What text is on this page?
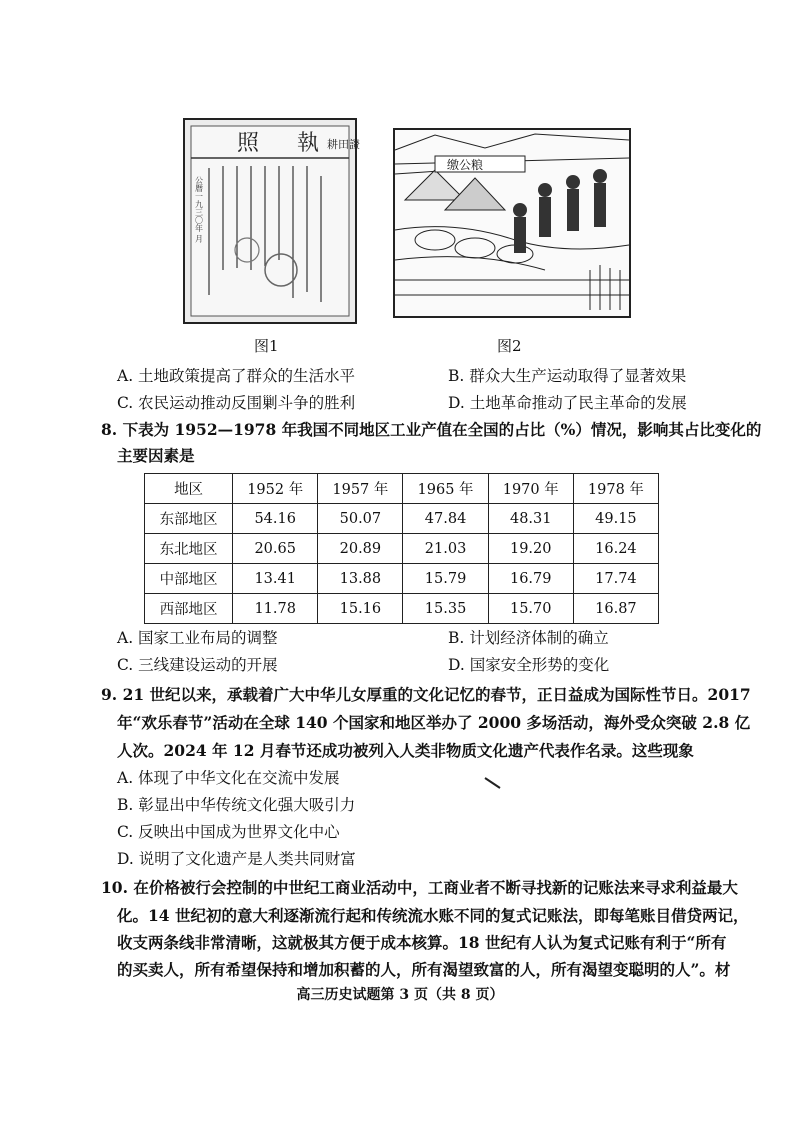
照 執 耕田證
公曆一九三〇年 月
缴公粮
图1	图2
A. 土地政策提高了群众的生活水平	B. 群众大生产运动取得了显著效果
C. 农民运动推动反围剿斗争的胜利	D. 土地革命推动了民主革命的发展
8. 下表为 1952—1978 年我国不同地区工业产值在全国的占比（%）情况，影响其占比变化的
主要因素是
地区	1952 年	1957 年	1965 年	1970 年	1978 年
东部地区	54.16	50.07	47.84	48.31	49.15
东北地区	20.65	20.89	21.03	19.20	16.24
中部地区	13.41	13.88	15.79	16.79	17.74
西部地区	11.78	15.16	15.35	15.70	16.87
A. 国家工业布局的调整	B. 计划经济体制的确立
C. 三线建设运动的开展	D. 国家安全形势的变化
9. 21 世纪以来，承载着广大中华儿女厚重的文化记忆的春节，正日益成为国际性节日。2017
年“欢乐春节”活动在全球 140 个国家和地区举办了 2000 多场活动，海外受众突破 2.8 亿
人次。2024 年 12 月春节还成功被列入人类非物质文化遗产代表作名录。这些现象
A. 体现了中华文化在交流中发展
B. 彰显出中华传统文化强大吸引力
C. 反映出中国成为世界文化中心
D. 说明了文化遗产是人类共同财富
10. 在价格被行会控制的中世纪工商业活动中，工商业者不断寻找新的记账法来寻求利益最大
化。14 世纪初的意大利逐渐流行起和传统流水账不同的复式记账法，即每笔账目借贷两记，
收支两条线非常清晰，这就极其方便于成本核算。18 世纪有人认为复式记账有利于“所有
的买卖人，所有希望保持和增加积蓄的人，所有渴望致富的人，所有渴望变聪明的人”。材
高三历史试题第 3 页（共 8 页）
